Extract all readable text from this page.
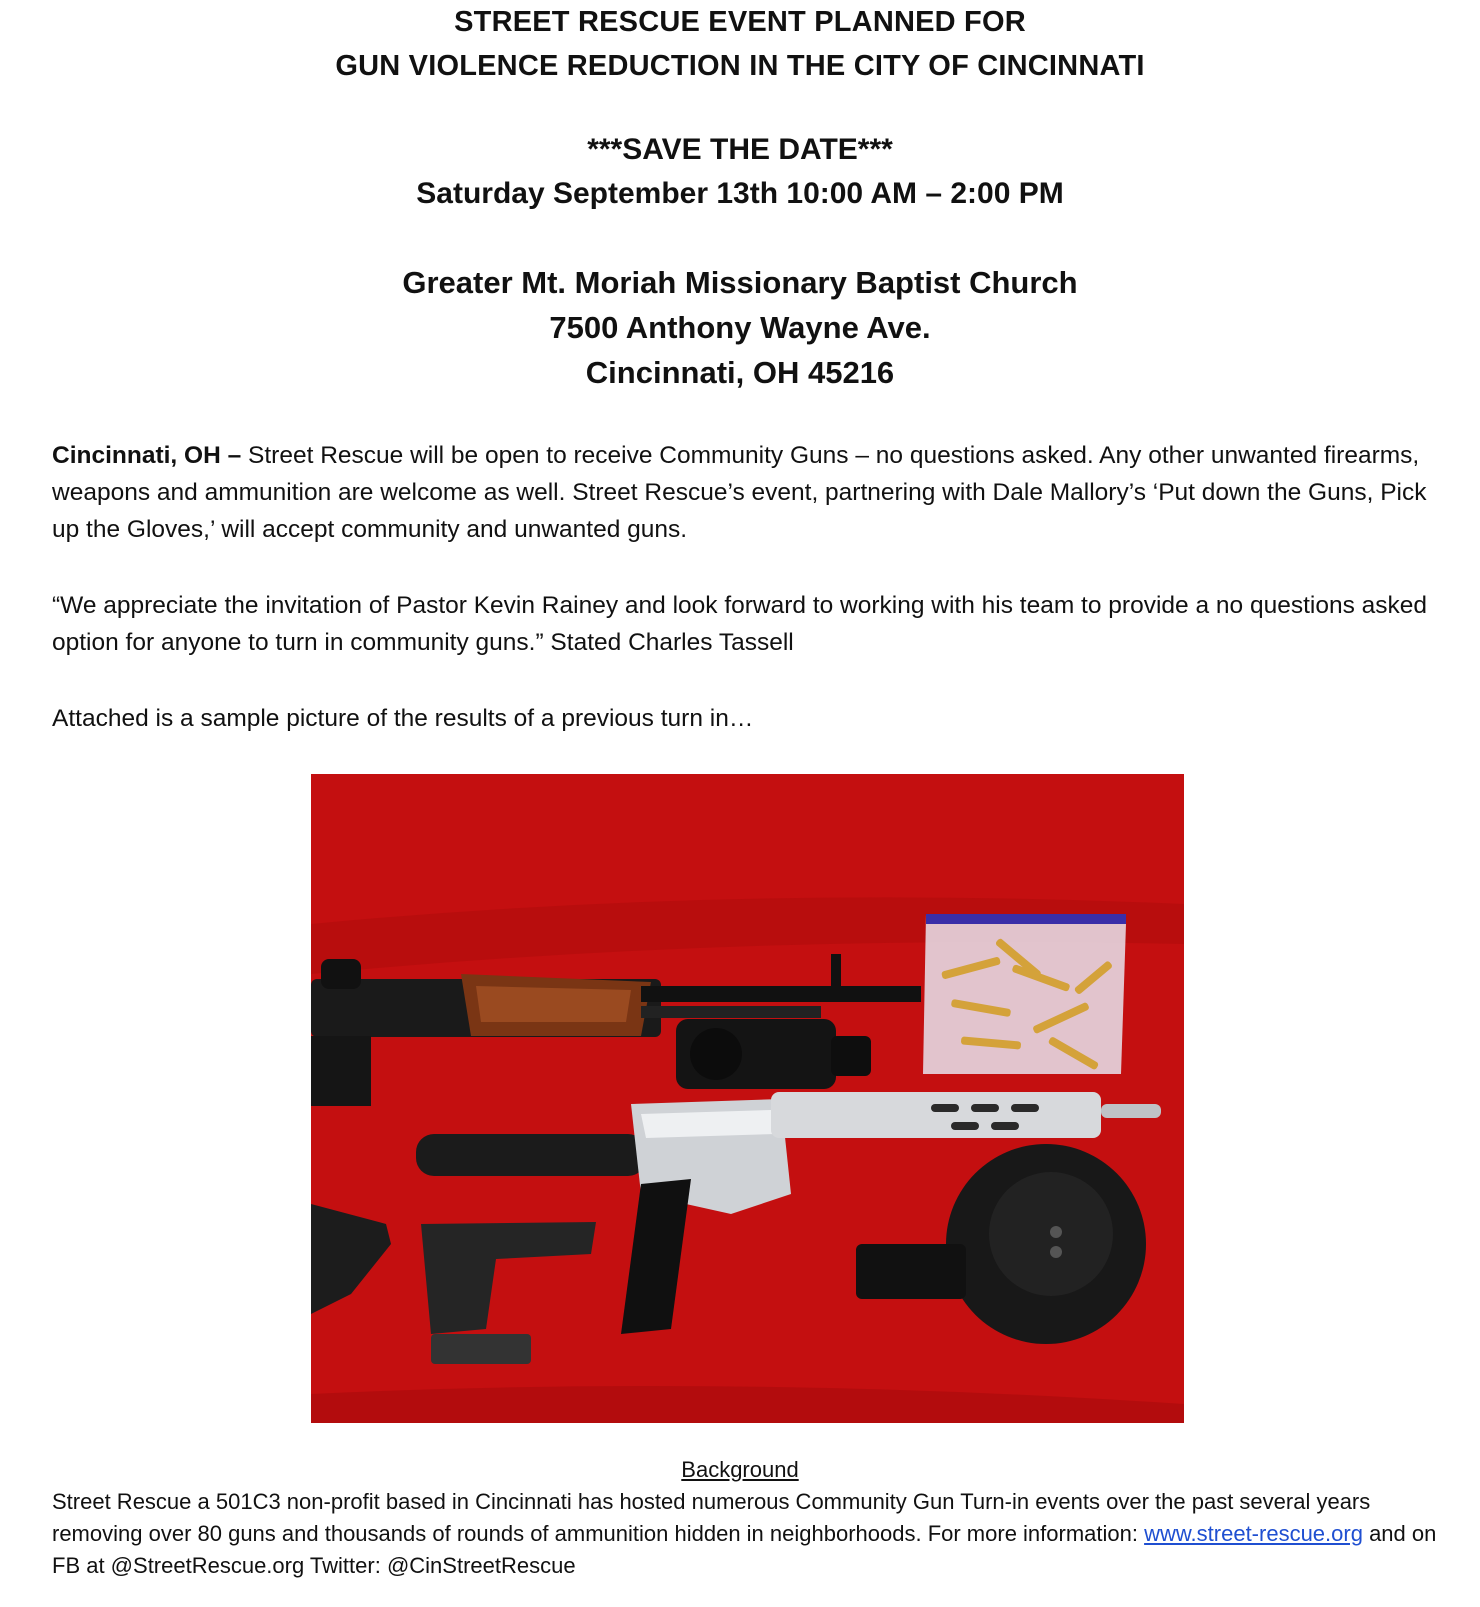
STREET RESCUE EVENT PLANNED FOR
GUN VIOLENCE REDUCTION IN THE CITY OF CINCINNATI
***SAVE THE DATE***
Saturday September 13th 10:00 AM – 2:00 PM
Greater Mt. Moriah Missionary Baptist Church
7500 Anthony Wayne Ave.
Cincinnati, OH 45216

Cincinnati, OH – Street Rescue will be open to receive Community Guns – no questions asked. Any other unwanted firearms, weapons and ammunition are welcome as well. Street Rescue’s event, partnering with Dale Mallory’s ‘Put down the Guns, Pick up the Gloves,’ will accept community and unwanted guns.

“We appreciate the invitation of Pastor Kevin Rainey and look forward to working with his team to provide a no questions asked option for anyone to turn in community guns.” Stated Charles Tassell

Attached is a sample picture of the results of a previous turn in…

Background

Street Rescue a 501C3 non-profit based in Cincinnati has hosted numerous Community Gun Turn-in events over the past several years removing over 80 guns and thousands of rounds of ammunition hidden in neighborhoods. For more information: www.street-rescue.org and on FB at @StreetRescue.org Twitter: @CinStreetRescue
